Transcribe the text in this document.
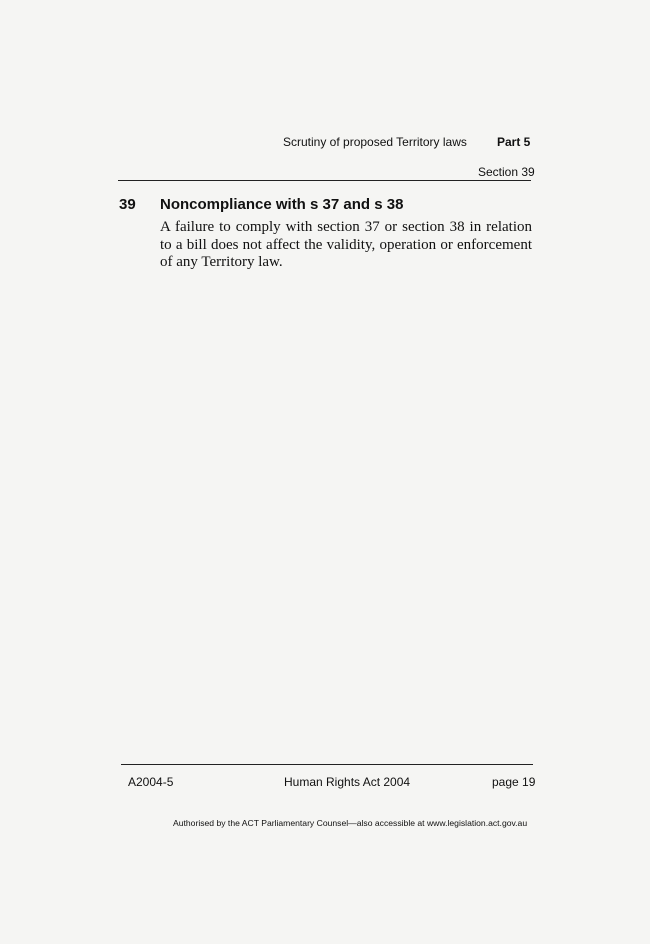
Scrutiny of proposed Territory laws	Part 5
Section 39
39 Noncompliance with s 37 and s 38

A failure to comply with section 37 or section 38 in relation to a bill does not affect the validity, operation or enforcement of any Territory law.

A2004-5	Human Rights Act 2004	page 19
Authorised by the ACT Parliamentary Counsel—also accessible at www.legislation.act.gov.au
